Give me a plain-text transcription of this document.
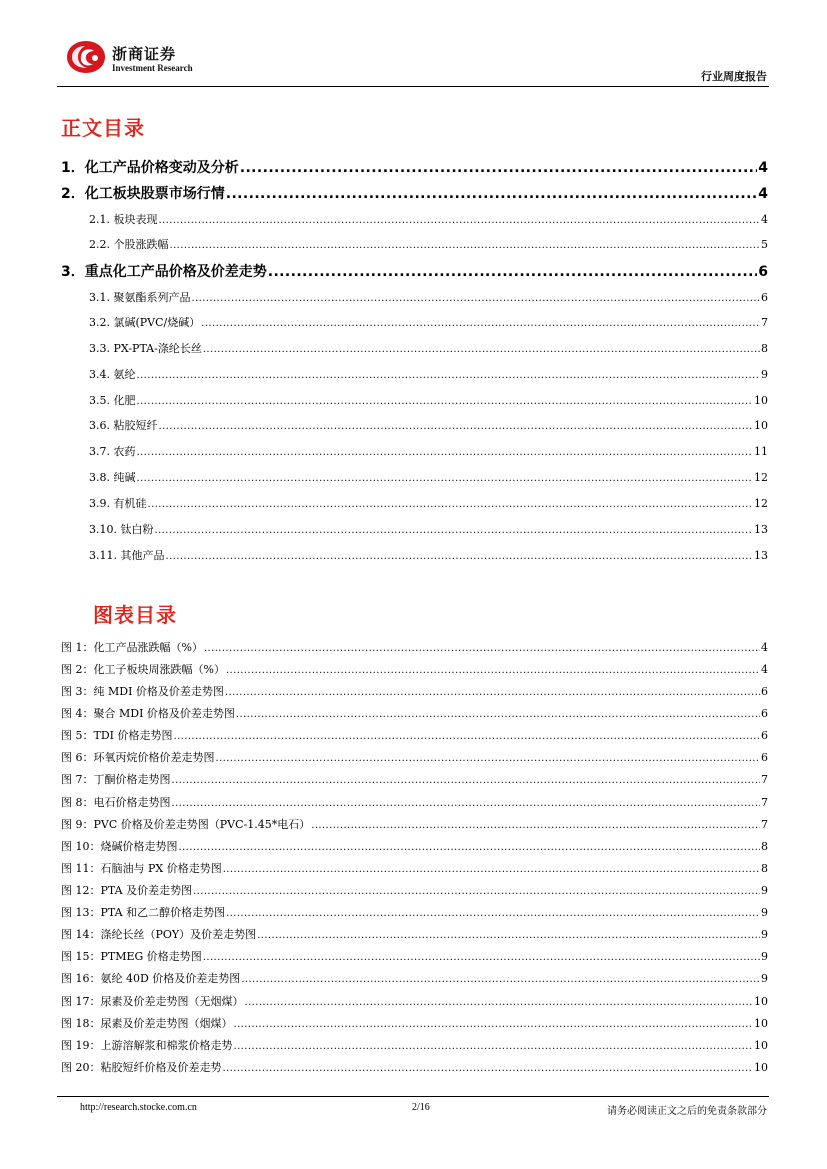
浙商证券
Investment Research
行业周度报告
正文目录
1．化工产品价格变动及分析 .....	4
2．化工板块股票市场行情 .....	4
2.1. 板块表现 .....	4
2.2. 个股涨跌幅 .....	5
3．重点化工产品价格及价差走势 .....	6
3.1. 聚氨酯系列产品 .....	6
3.2. 氯碱(PVC/烧碱） .....	7
3.3. PX-PTA-涤纶长丝 .....	8
3.4. 氨纶 .....	9
3.5. 化肥 .....	10
3.6. 粘胶短纤 .....	10
3.7. 农药 .....	11
3.8. 纯碱 .....	12
3.9. 有机硅 .....	12
3.10. 钛白粉 .....	13
3.11. 其他产品 .....	13
图表目录
图 1：化工产品涨跌幅（%） .....	4
图 2：化工子板块周涨跌幅（%） .....	4
图 3：纯 MDI 价格及价差走势图 .....	6
图 4：聚合 MDI 价格及价差走势图 .....	6
图 5：TDI 价格走势图 .....	6
图 6：环氧丙烷价格价差走势图 .....	6
图 7：丁酮价格走势图 .....	7
图 8：电石价格走势图 .....	7
图 9：PVC 价格及价差走势图（PVC-1.45*电石） .....	7
图 10：烧碱价格走势图 .....	8
图 11：石脑油与 PX 价格走势图 .....	8
图 12：PTA 及价差走势图 .....	9
图 13：PTA 和乙二醇价格走势图 .....	9
图 14：涤纶长丝（POY）及价差走势图 .....	9
图 15：PTMEG 价格走势图 .....	9
图 16：氨纶 40D 价格及价差走势图 .....	9
图 17：尿素及价差走势图（无烟煤） .....	10
图 18：尿素及价差走势图（烟煤） .....	10
图 19：上游溶解浆和棉浆价格走势 .....	10
图 20：粘胶短纤价格及价差走势 .....	10
http://research.stocke.com.cn	2/16	请务必阅读正文之后的免责条款部分
